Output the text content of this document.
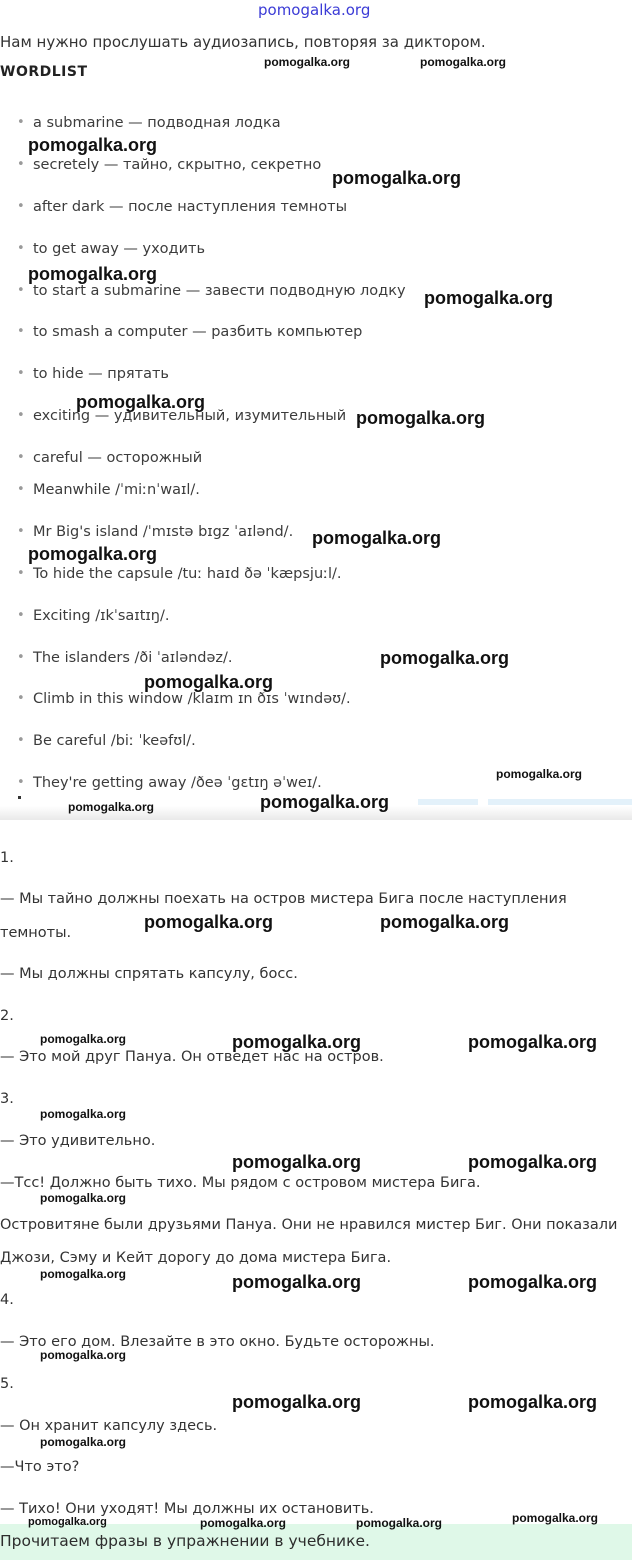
pomogalka.org
Нам нужно прослушать аудиозапись, повторяя за диктором.
WORDLIST
• a submarine — подводная лодка
• secretely — тайно, скрытно, секретно
• after dark — после наступления темноты
• to get away — уходить
• to start a submarine — завести подводную лодку
• to smash a computer — разбить компьютер
• to hide — прятать
• exciting — удивительный, изумительный
• careful — осторожный
• Meanwhile /ˈmiːnˈwaɪl/.
• Mr Big's island /ˈmɪstə bɪgz ˈaɪlənd/.
• To hide the capsule /tuː haɪd ðə ˈkæpsjuːl/.
• Exciting /ɪkˈsaɪtɪŋ/.
• The islanders /ði ˈaɪləndəz/.
• Climb in this window /klaɪm ɪn ðɪs ˈwɪndəʊ/.
• Be careful /biː ˈkeəfʊl/.
• They're getting away /ðeə ˈgɛtɪŋ əˈweɪ/.
1.
— Мы тайно должны поехать на остров мистера Бига после наступления
темноты.
— Мы должны спрятать капсулу, босс.
2.
— Это мой друг Пануа. Он отведет нас на остров.
3.
— Это удивительно.
—Тсс! Должно быть тихо. Мы рядом с островом мистера Бига.
Островитяне были друзьями Пануа. Они не нравился мистер Биг. Они показали
Джози, Сэму и Кейт дорогу до дома мистера Бига.
4.
— Это его дом. Влезайте в это окно. Будьте осторожны.
5.
— Он хранит капсулу здесь.
—Что это?
— Тихо! Они уходят! Мы должны их остановить.
Прочитаем фразы в упражнении в учебнике.
pomogalka.org	pomogalka.org
pomogalka.org
pomogalka.org
pomogalka.org
pomogalka.org
pomogalka.org
pomogalka.org
pomogalka.org
pomogalka.org
pomogalka.org
pomogalka.org
pomogalka.org
pomogalka.org
pomogalka.org
pomogalka.org	pomogalka.org
pomogalka.org	pomogalka.org	pomogalka.org
pomogalka.org
pomogalka.org	pomogalka.org
pomogalka.org
pomogalka.org	pomogalka.org	pomogalka.org
pomogalka.org
pomogalka.org	pomogalka.org
pomogalka.org
pomogalka.org
pomogalka.org	pomogalka.org	pomogalka.org
